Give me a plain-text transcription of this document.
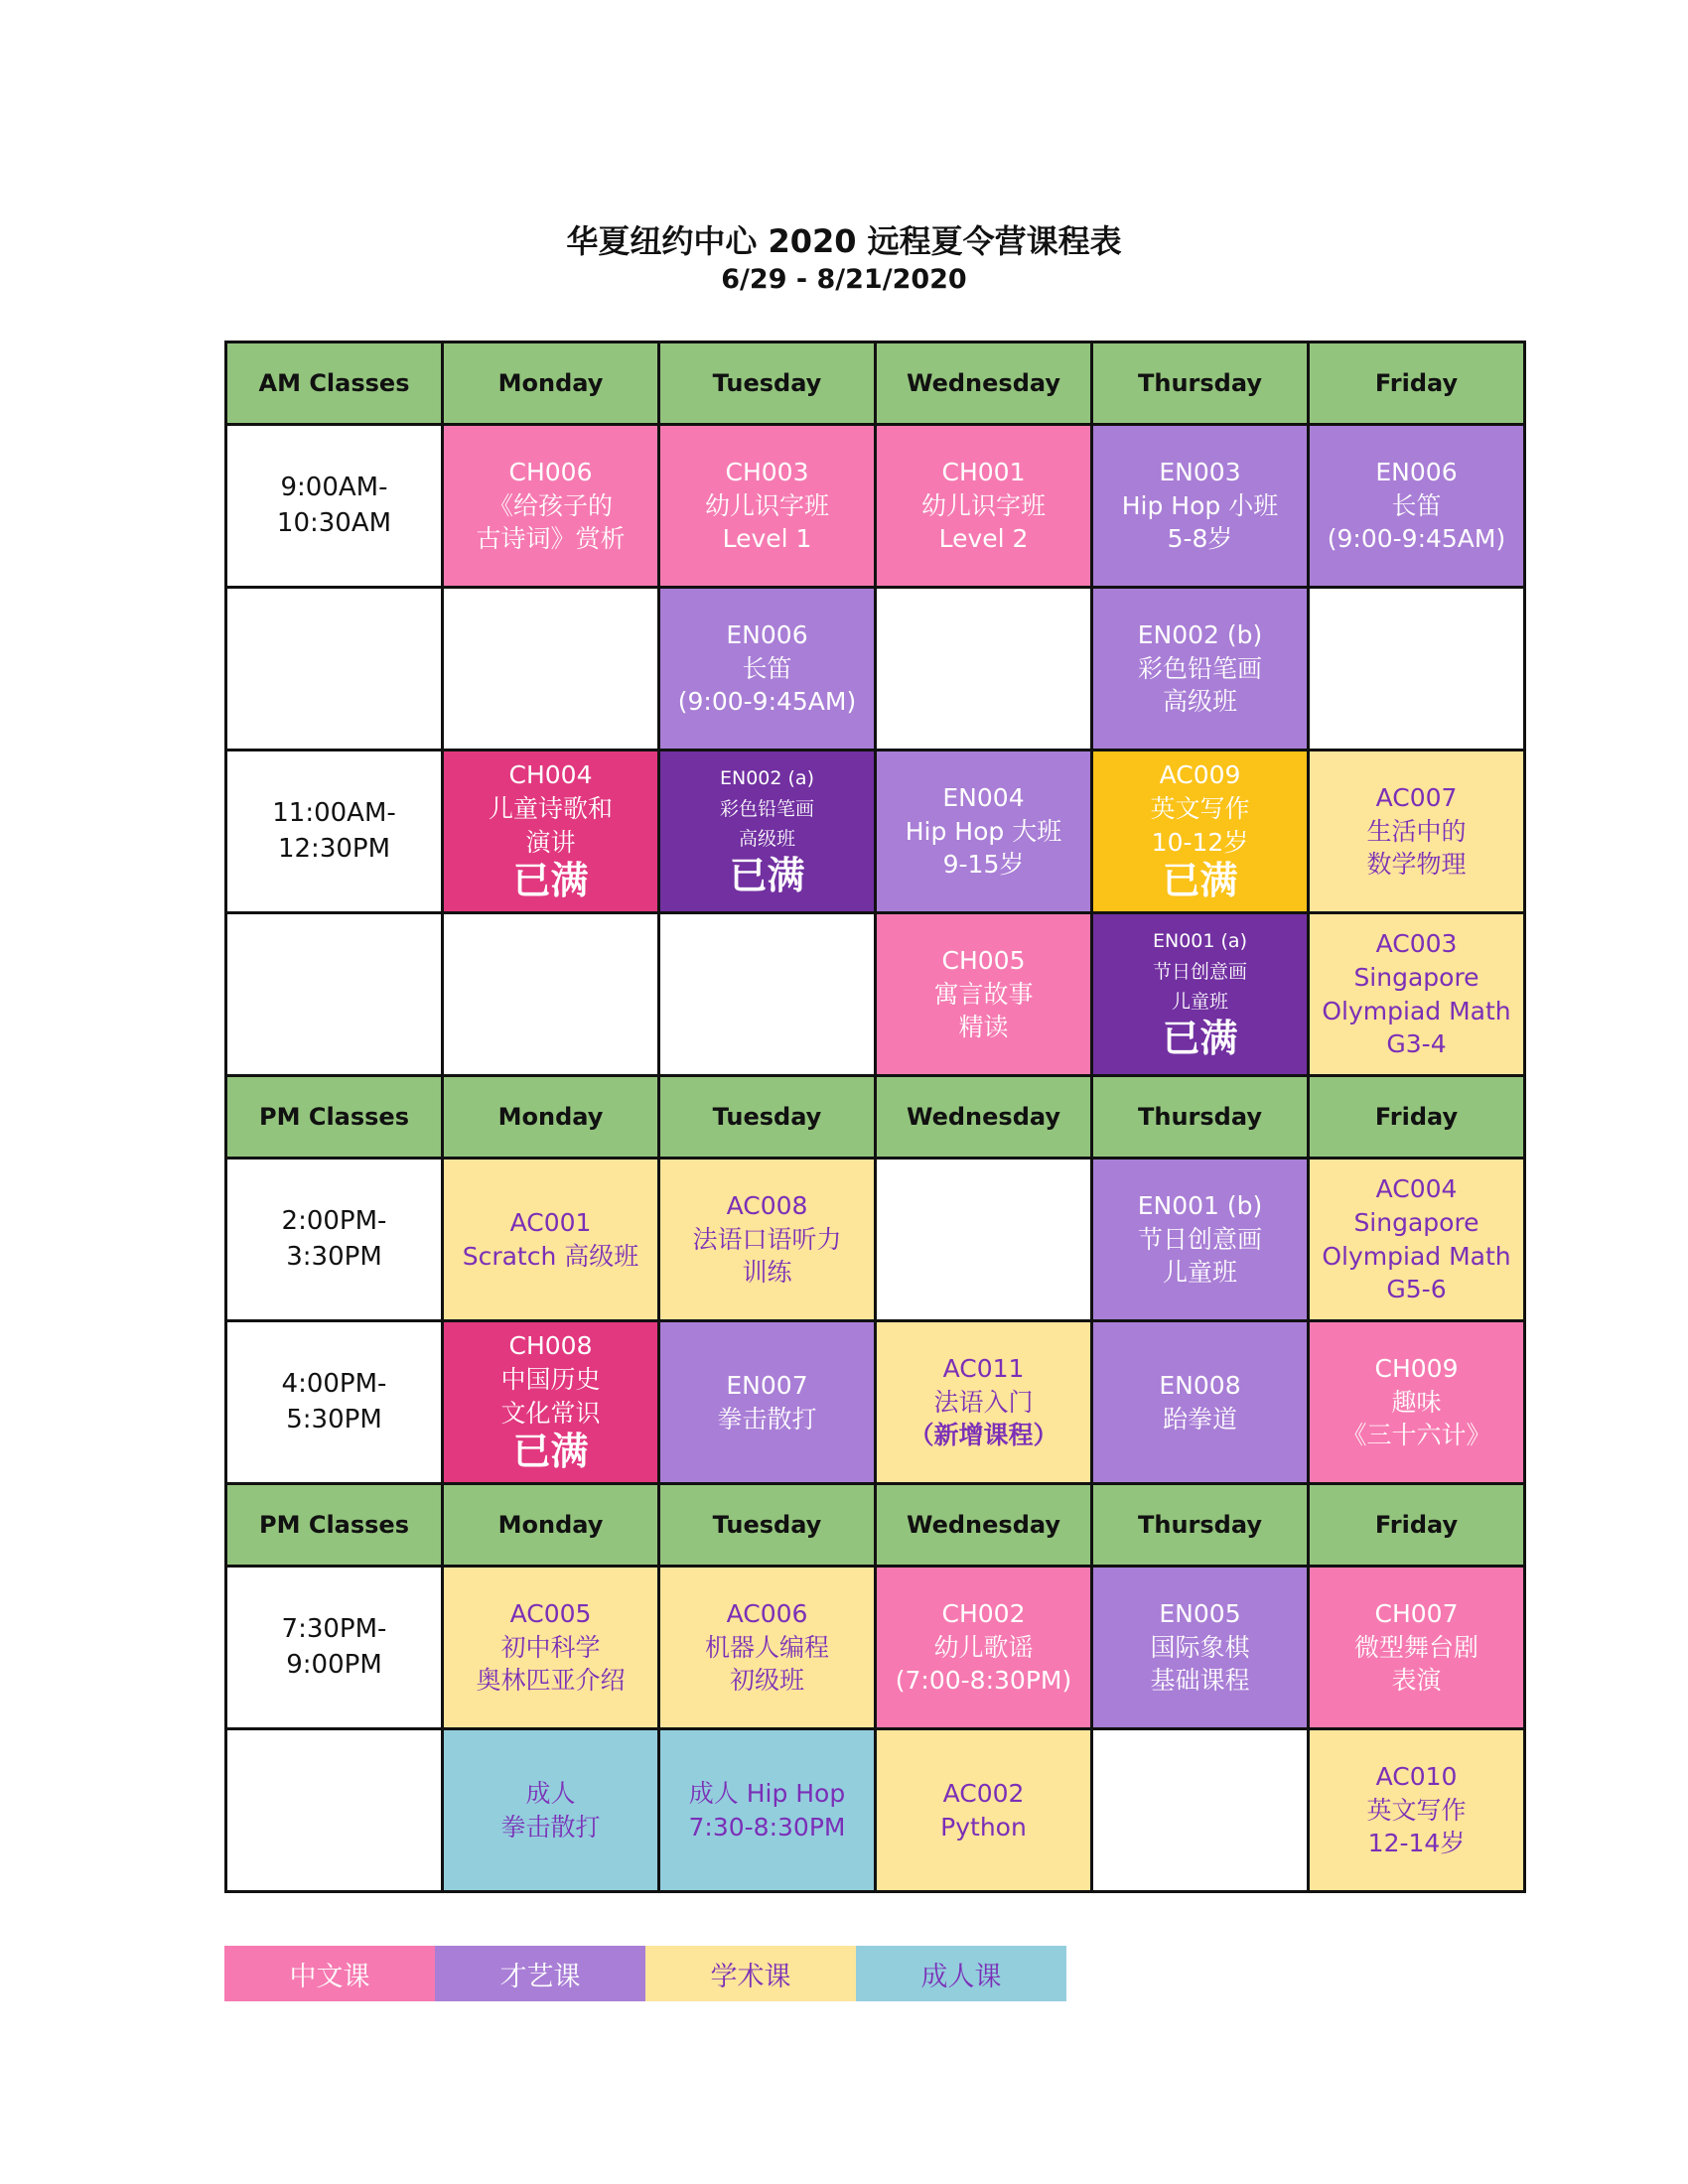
华夏纽约中心 2020 远程夏令营课程表
6/29 - 8/21/2020
AM Classes	Monday	Tuesday	Wednesday	Thursday	Friday
9:00AM-
10:30AM	CH006
《给孩子的
古诗词》赏析	CH003
幼儿识字班
Level 1	CH001
幼儿识字班
Level 2	EN003
Hip Hop 小班
5-8岁	EN006
长笛
(9:00-9:45AM)

		EN006
长笛
(9:00-9:45AM)		EN002 (b)
彩色铅笔画
高级班	

11:00AM-
12:30PM	CH004
儿童诗歌和
演讲
已满	EN002 (a)
彩色铅笔画
高级班
已满	EN004
Hip Hop 大班
9-15岁	AC009
英文写作
10-12岁
已满	AC007
生活中的
数学物理

			CH005
寓言故事
精读	EN001 (a)
节日创意画
儿童班
已满	AC003
Singapore
Olympiad Math
G3-4

PM Classes	Monday	Tuesday	Wednesday	Thursday	Friday
2:00PM-
3:30PM	AC001
Scratch 高级班	AC008
法语口语听力
训练		EN001 (b)
节日创意画
儿童班	AC004
Singapore
Olympiad Math
G5-6

4:00PM-
5:30PM	CH008
中国历史
文化常识
已满	EN007
拳击散打	AC011
法语入门
（新增课程）	EN008
跆拳道	CH009
趣味
《三十六计》

PM Classes	Monday	Tuesday	Wednesday	Thursday	Friday
7:30PM-
9:00PM	AC005
初中科学
奥林匹亚介绍	AC006
机器人编程
初级班	CH002
幼儿歌谣
(7:00-8:30PM)	EN005
国际象棋
基础课程	CH007
微型舞台剧
表演

	成人
拳击散打	成人 Hip Hop
7:30-8:30PM	AC002
Python		AC010
英文写作
12-14岁
中文课	才艺课	学术课	成人课
